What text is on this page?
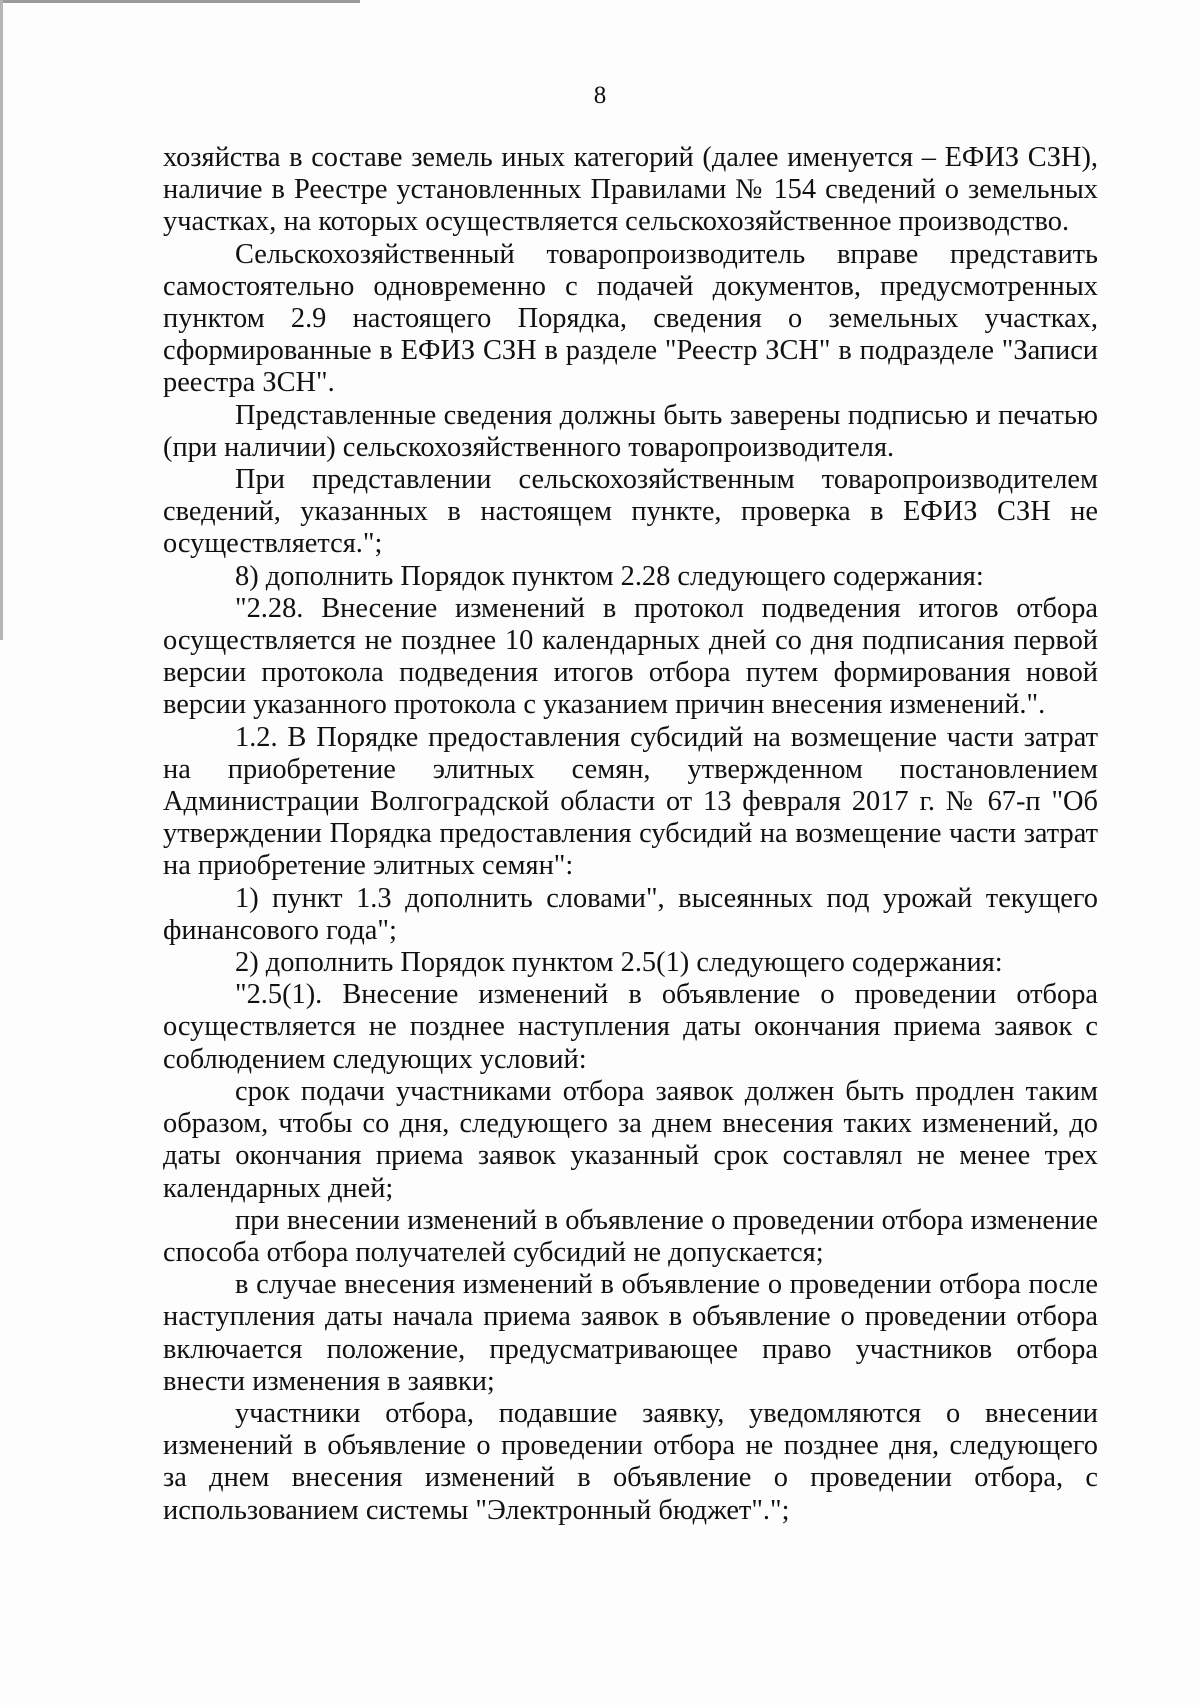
8

хозяйства в составе земель иных категорий (далее именуется – ЕФИЗ СЗН), наличие в Реестре установленных Правилами № 154 сведений о земельных участках, на которых осуществляется сельскохозяйственное производство.

Сельскохозяйственный товаропроизводитель вправе представить самостоятельно одновременно с подачей документов, предусмотренных пунктом 2.9 настоящего Порядка, сведения о земельных участках, сформированные в ЕФИЗ СЗН в разделе "Реестр ЗСН" в подразделе "Записи реестра ЗСН".

Представленные сведения должны быть заверены подписью и печатью (при наличии) сельскохозяйственного товаропроизводителя.

При представлении сельскохозяйственным товаропроизводителем сведений, указанных в настоящем пункте, проверка в ЕФИЗ СЗН не осуществляется.";

8) дополнить Порядок пунктом 2.28 следующего содержания:

"2.28. Внесение изменений в протокол подведения итогов отбора осуществляется не позднее 10 календарных дней со дня подписания первой версии протокола подведения итогов отбора путем формирования новой версии указанного протокола с указанием причин внесения изменений.".

1.2. В Порядке предоставления субсидий на возмещение части затрат на приобретение элитных семян, утвержденном постановлением Администрации Волгоградской области от 13 февраля 2017 г. № 67-п "Об утверждении Порядка предоставления субсидий на возмещение части затрат на приобретение элитных семян":

1) пункт 1.3 дополнить словами", высеянных под урожай текущего финансового года";

2) дополнить Порядок пунктом 2.5(1) следующего содержания:

"2.5(1). Внесение изменений в объявление о проведении отбора осуществляется не позднее наступления даты окончания приема заявок с соблюдением следующих условий:

срок подачи участниками отбора заявок должен быть продлен таким образом, чтобы со дня, следующего за днем внесения таких изменений, до даты окончания приема заявок указанный срок составлял не менее трех календарных дней;

при внесении изменений в объявление о проведении отбора изменение способа отбора получателей субсидий не допускается;

в случае внесения изменений в объявление о проведении отбора после наступления даты начала приема заявок в объявление о проведении отбора включается положение, предусматривающее право участников отбора внести изменения в заявки;

участники отбора, подавшие заявку, уведомляются о внесении изменений в объявление о проведении отбора не позднее дня, следующего за днем внесения изменений в объявление о проведении отбора, с использованием системы "Электронный бюджет".";
